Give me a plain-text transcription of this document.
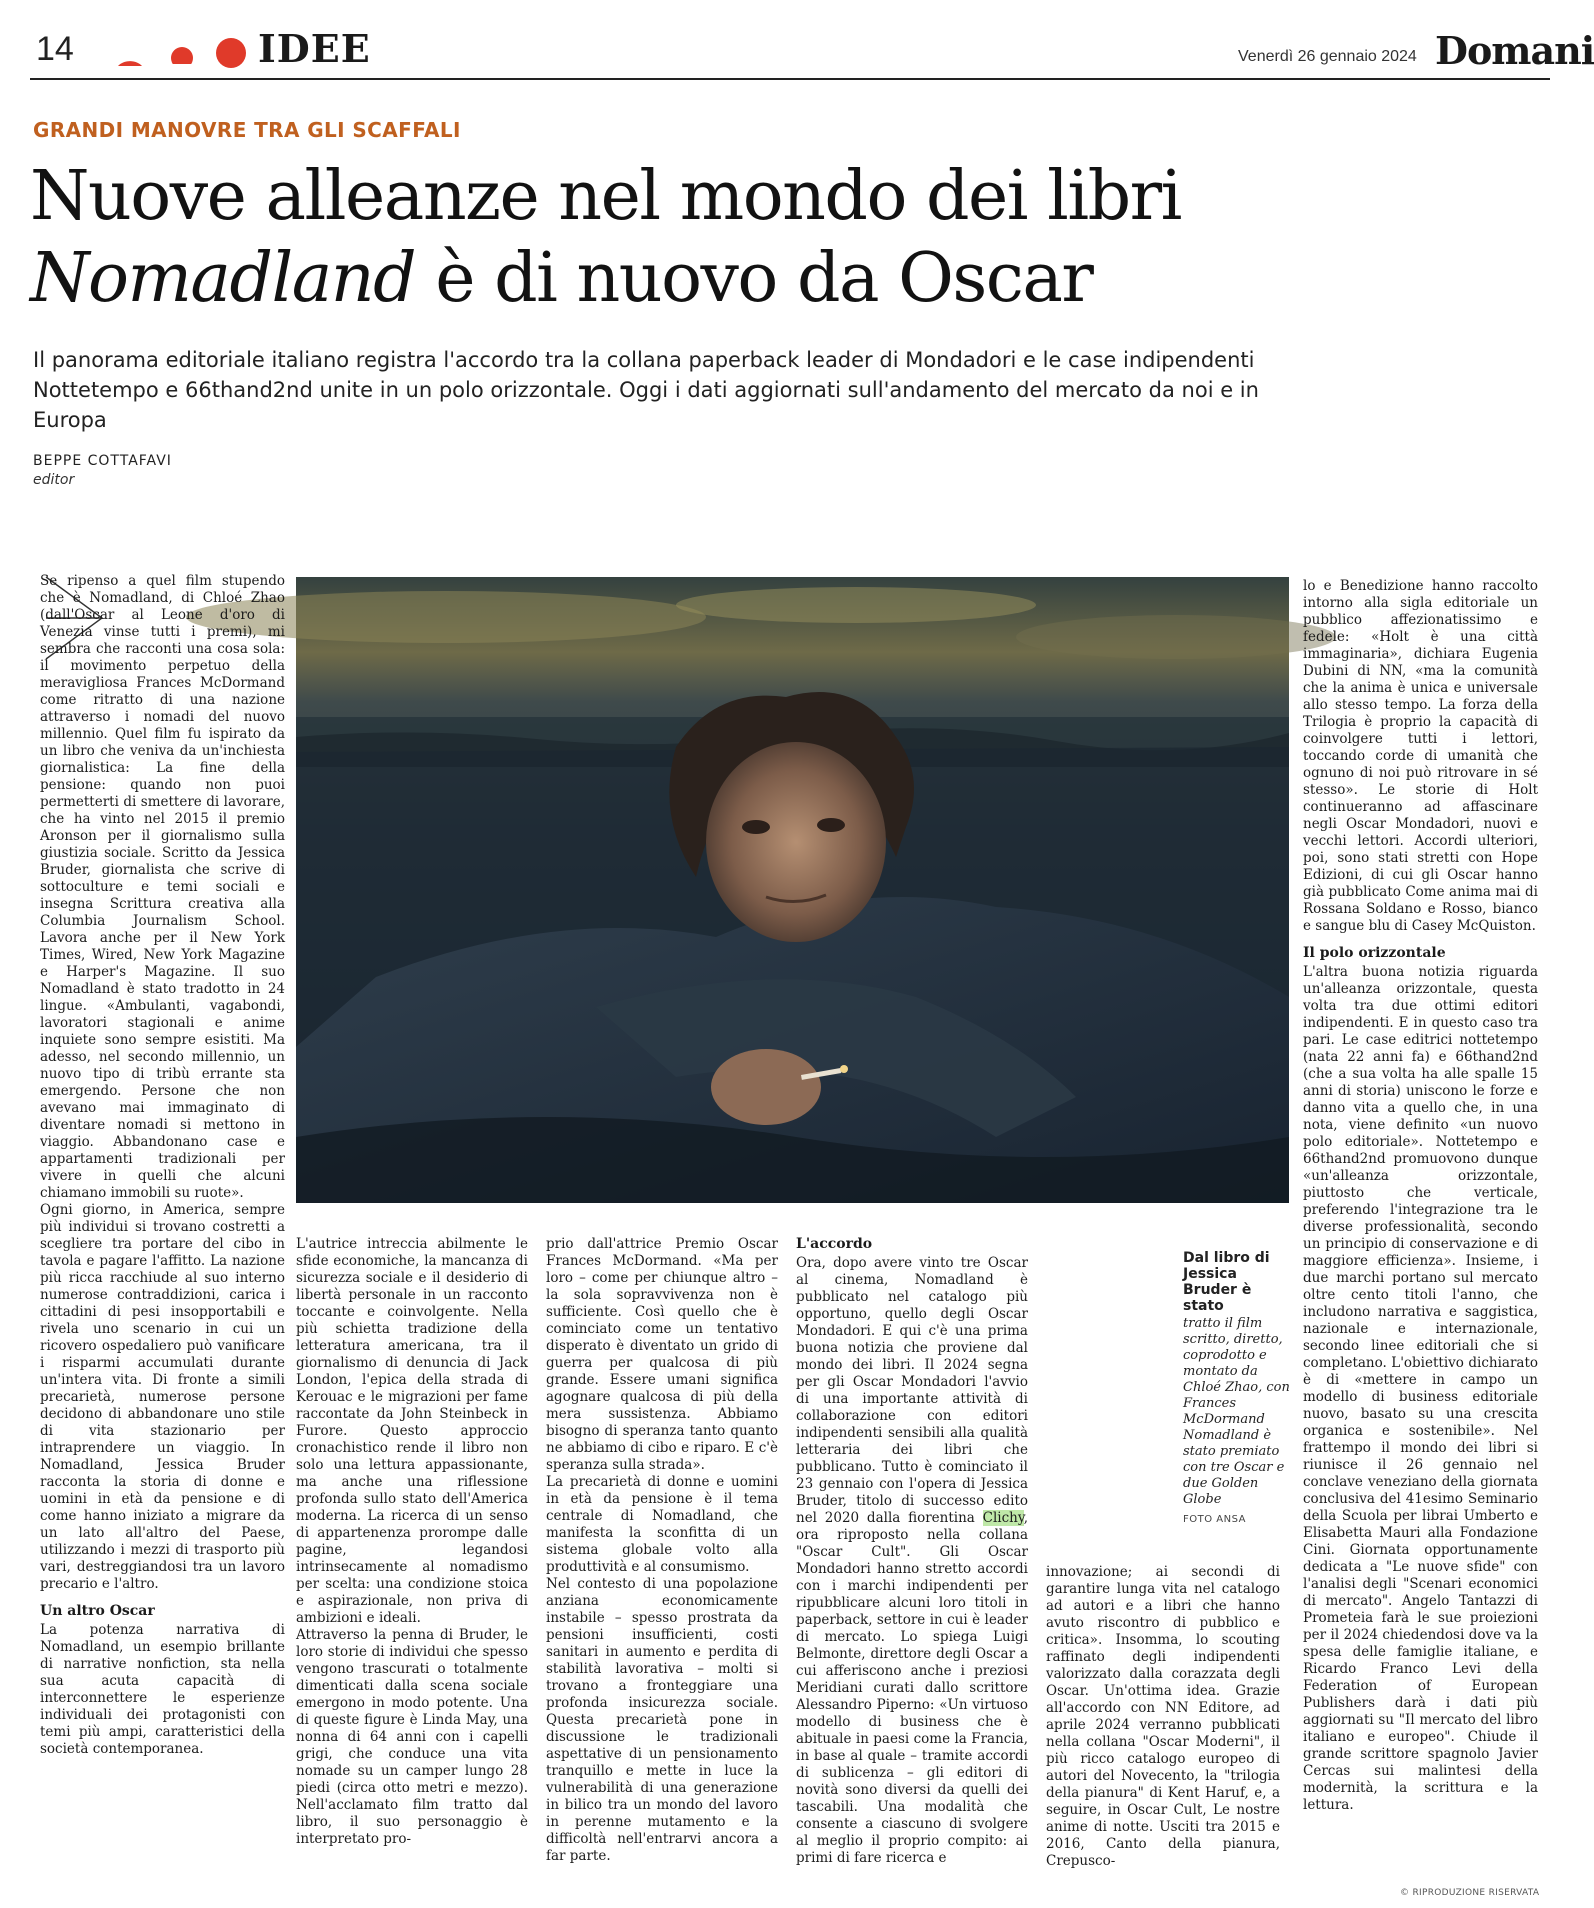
14	IDEE	Venerdì 26 gennaio 2024 Domani
GRANDI MANOVRE TRA GLI SCAFFALI
Nuove alleanze nel mondo dei libri
Nomadland è di nuovo da Oscar
Il panorama editoriale italiano registra l'accordo tra la collana paperback leader di Mondadori e le case indipendenti Nottetempo e 66thand2nd unite in un polo orizzontale. Oggi i dati aggiornati sull'andamento del mercato da noi e in Europa
BEPPE COTTAFAVI
editor

Se ripenso a quel film stupendo che è Nomadland, di Chloé Zhao (dall'Oscar al Leone d'oro di Venezia vinse tutti i premi), mi sembra che racconti una cosa sola: il movimento perpetuo della meravigliosa Frances McDormand come ritratto di una nazione attraverso i nomadi del nuovo millennio. Quel film fu ispirato da un libro che veniva da un'inchiesta giornalistica: La fine della pensione: quando non puoi permetterti di smettere di lavorare, che ha vinto nel 2015 il premio Aronson per il giornalismo sulla giustizia sociale. Scritto da Jessica Bruder, giornalista che scrive di sottoculture e temi sociali e insegna Scrittura creativa alla Columbia Journalism School. Lavora anche per il New York Times, Wired, New York Magazine e Harper's Magazine. Il suo Nomadland è stato tradotto in 24 lingue. «Ambulanti, vagabondi, lavoratori stagionali e anime inquiete sono sempre esistiti. Ma adesso, nel secondo millennio, un nuovo tipo di tribù errante sta emergendo. Persone che non avevano mai immaginato di diventare nomadi si mettono in viaggio. Abbandonano case e appartamenti tradizionali per vivere in quelli che alcuni chiamano immobili su ruote».

Ogni giorno, in America, sempre più individui si trovano costretti a scegliere tra portare del cibo in tavola e pagare l'affitto. La nazione più ricca racchiude al suo interno numerose contraddizioni, carica i cittadini di pesi insopportabili e rivela uno scenario in cui un ricovero ospedaliero può vanificare i risparmi accumulati durante un'intera vita. Di fronte a simili precarietà, numerose persone decidono di abbandonare uno stile di vita stazionario per intraprendere un viaggio. In Nomadland, Jessica Bruder racconta la storia di donne e uomini in età da pensione e di come hanno iniziato a migrare da un lato all'altro del Paese, utilizzando i mezzi di trasporto più vari, destreggiandosi tra un lavoro precario e l'altro.

Un altro Oscar

La potenza narrativa di Nomadland, un esempio brillante di narrative nonfiction, sta nella sua acuta capacità di interconnettere le esperienze individuali dei protagonisti con temi più ampi, caratteristici della società contemporanea.

L'autrice intreccia abilmente le sfide economiche, la mancanza di sicurezza sociale e il desiderio di libertà personale in un racconto toccante e coinvolgente. Nella più schietta tradizione della letteratura americana, tra il giornalismo di denuncia di Jack London, l'epica della strada di Kerouac e le migrazioni per fame raccontate da John Steinbeck in Furore. Questo approccio cronachistico rende il libro non solo una lettura appassionante, ma anche una riflessione profonda sullo stato dell'America moderna. La ricerca di un senso di appartenenza prorompe dalle pagine, legandosi intrinsecamente al nomadismo per scelta: una condizione stoica e aspirazionale, non priva di ambizioni e ideali.

Attraverso la penna di Bruder, le loro storie di individui che spesso vengono trascurati o totalmente dimenticati dalla scena sociale emergono in modo potente. Una di queste figure è Linda May, una nonna di 64 anni con i capelli grigi, che conduce una vita nomade su un camper lungo 28 piedi (circa otto metri e mezzo). Nell'acclamato film tratto dal libro, il suo personaggio è interpretato pro-

prio dall'attrice Premio Oscar Frances McDormand. «Ma per loro – come per chiunque altro – la sola sopravvivenza non è sufficiente. Così quello che è cominciato come un tentativo disperato è diventato un grido di guerra per qualcosa di più grande. Essere umani significa agognare qualcosa di più della mera sussistenza. Abbiamo bisogno di speranza tanto quanto ne abbiamo di cibo e riparo. E c'è speranza sulla strada».

La precarietà di donne e uomini in età da pensione è il tema centrale di Nomadland, che manifesta la sconfitta di un sistema globale volto alla produttività e al consumismo.

Nel contesto di una popolazione anziana economicamente instabile – spesso prostrata da pensioni insufficienti, costi sanitari in aumento e perdita di stabilità lavorativa – molti si trovano a fronteggiare una profonda insicurezza sociale. Questa precarietà pone in discussione le tradizionali aspettative di un pensionamento tranquillo e mette in luce la vulnerabilità di una generazione in bilico tra un mondo del lavoro in perenne mutamento e la difficoltà nell'entrarvi ancora a far parte.

L'accordo

Ora, dopo avere vinto tre Oscar al cinema, Nomadland è pubblicato nel catalogo più opportuno, quello degli Oscar Mondadori. E qui c'è una prima buona notizia che proviene dal mondo dei libri. Il 2024 segna per gli Oscar Mondadori l'avvio di una importante attività di collaborazione con editori indipendenti sensibili alla qualità letteraria dei libri che pubblicano. Tutto è cominciato il 23 gennaio con l'opera di Jessica Bruder, titolo di successo edito nel 2020 dalla fiorentina Clichy, ora riproposto nella collana "Oscar Cult". Gli Oscar Mondadori hanno stretto accordi con i marchi indipendenti per ripubblicare alcuni loro titoli in paperback, settore in cui è leader di mercato. Lo spiega Luigi Belmonte, direttore degli Oscar a cui afferiscono anche i preziosi Meridiani curati dallo scrittore Alessandro Piperno: «Un virtuoso modello di business che è abituale in paesi come la Francia, in base al quale – tramite accordi di sublicenza – gli editori di novità sono diversi da quelli dei tascabili. Una modalità che consente a ciascuno di svolgere al meglio il proprio compito: ai primi di fare ricerca e

innovazione; ai secondi di garantire lunga vita nel catalogo ad autori e a libri che hanno avuto riscontro di pubblico e critica». Insomma, lo scouting raffinato degli indipendenti valorizzato dalla corazzata degli Oscar. Un'ottima idea. Grazie all'accordo con NN Editore, ad aprile 2024 verranno pubblicati nella collana "Oscar Moderni", il più ricco catalogo europeo di autori del Novecento, la "trilogia della pianura" di Kent Haruf, e, a seguire, in Oscar Cult, Le nostre anime di notte. Usciti tra 2015 e 2016, Canto della pianura, Crepusco-

Dal libro di Jessica Bruder è stato
tratto il film scritto, diretto, coprodotto e montato da Chloé Zhao, con Frances McDormand Nomadland è stato premiato con tre Oscar e due Golden Globe
FOTO ANSA

lo e Benedizione hanno raccolto intorno alla sigla editoriale un pubblico affezionatissimo e fedele: «Holt è una città immaginaria», dichiara Eugenia Dubini di NN, «ma la comunità che la anima è unica e universale allo stesso tempo. La forza della Trilogia è proprio la capacità di coinvolgere tutti i lettori, toccando corde di umanità che ognuno di noi può ritrovare in sé stesso». Le storie di Holt continueranno ad affascinare negli Oscar Mondadori, nuovi e vecchi lettori. Accordi ulteriori, poi, sono stati stretti con Hope Edizioni, di cui gli Oscar hanno già pubblicato Come anima mai di Rossana Soldano e Rosso, bianco e sangue blu di Casey McQuiston.

Il polo orizzontale

L'altra buona notizia riguarda un'alleanza orizzontale, questa volta tra due ottimi editori indipendenti. E in questo caso tra pari. Le case editrici nottetempo (nata 22 anni fa) e 66thand2nd (che a sua volta ha alle spalle 15 anni di storia) uniscono le forze e danno vita a quello che, in una nota, viene definito «un nuovo polo editoriale». Nottetempo e 66thand2nd promuovono dunque «un'alleanza orizzontale, piuttosto che verticale, preferendo l'integrazione tra le diverse professionalità, secondo un principio di conservazione e di maggiore efficienza». Insieme, i due marchi portano sul mercato oltre cento titoli l'anno, che includono narrativa e saggistica, nazionale e internazionale, secondo linee editoriali che si completano. L'obiettivo dichiarato è di «mettere in campo un modello di business editoriale nuovo, basato su una crescita organica e sostenibile». Nel frattempo il mondo dei libri si riunisce il 26 gennaio nel conclave veneziano della giornata conclusiva del 41esimo Seminario della Scuola per librai Umberto e Elisabetta Mauri alla Fondazione Cini. Giornata opportunamente dedicata a "Le nuove sfide" con l'analisi degli "Scenari economici di mercato". Angelo Tantazzi di Prometeia farà le sue proiezioni per il 2024 chiedendosi dove va la spesa delle famiglie italiane, e Ricardo Franco Levi della Federation of European Publishers darà i dati più aggiornati su "Il mercato del libro italiano e europeo". Chiude il grande scrittore spagnolo Javier Cercas sui malintesi della modernità, la scrittura e la lettura.

© RIPRODUZIONE RISERVATA
